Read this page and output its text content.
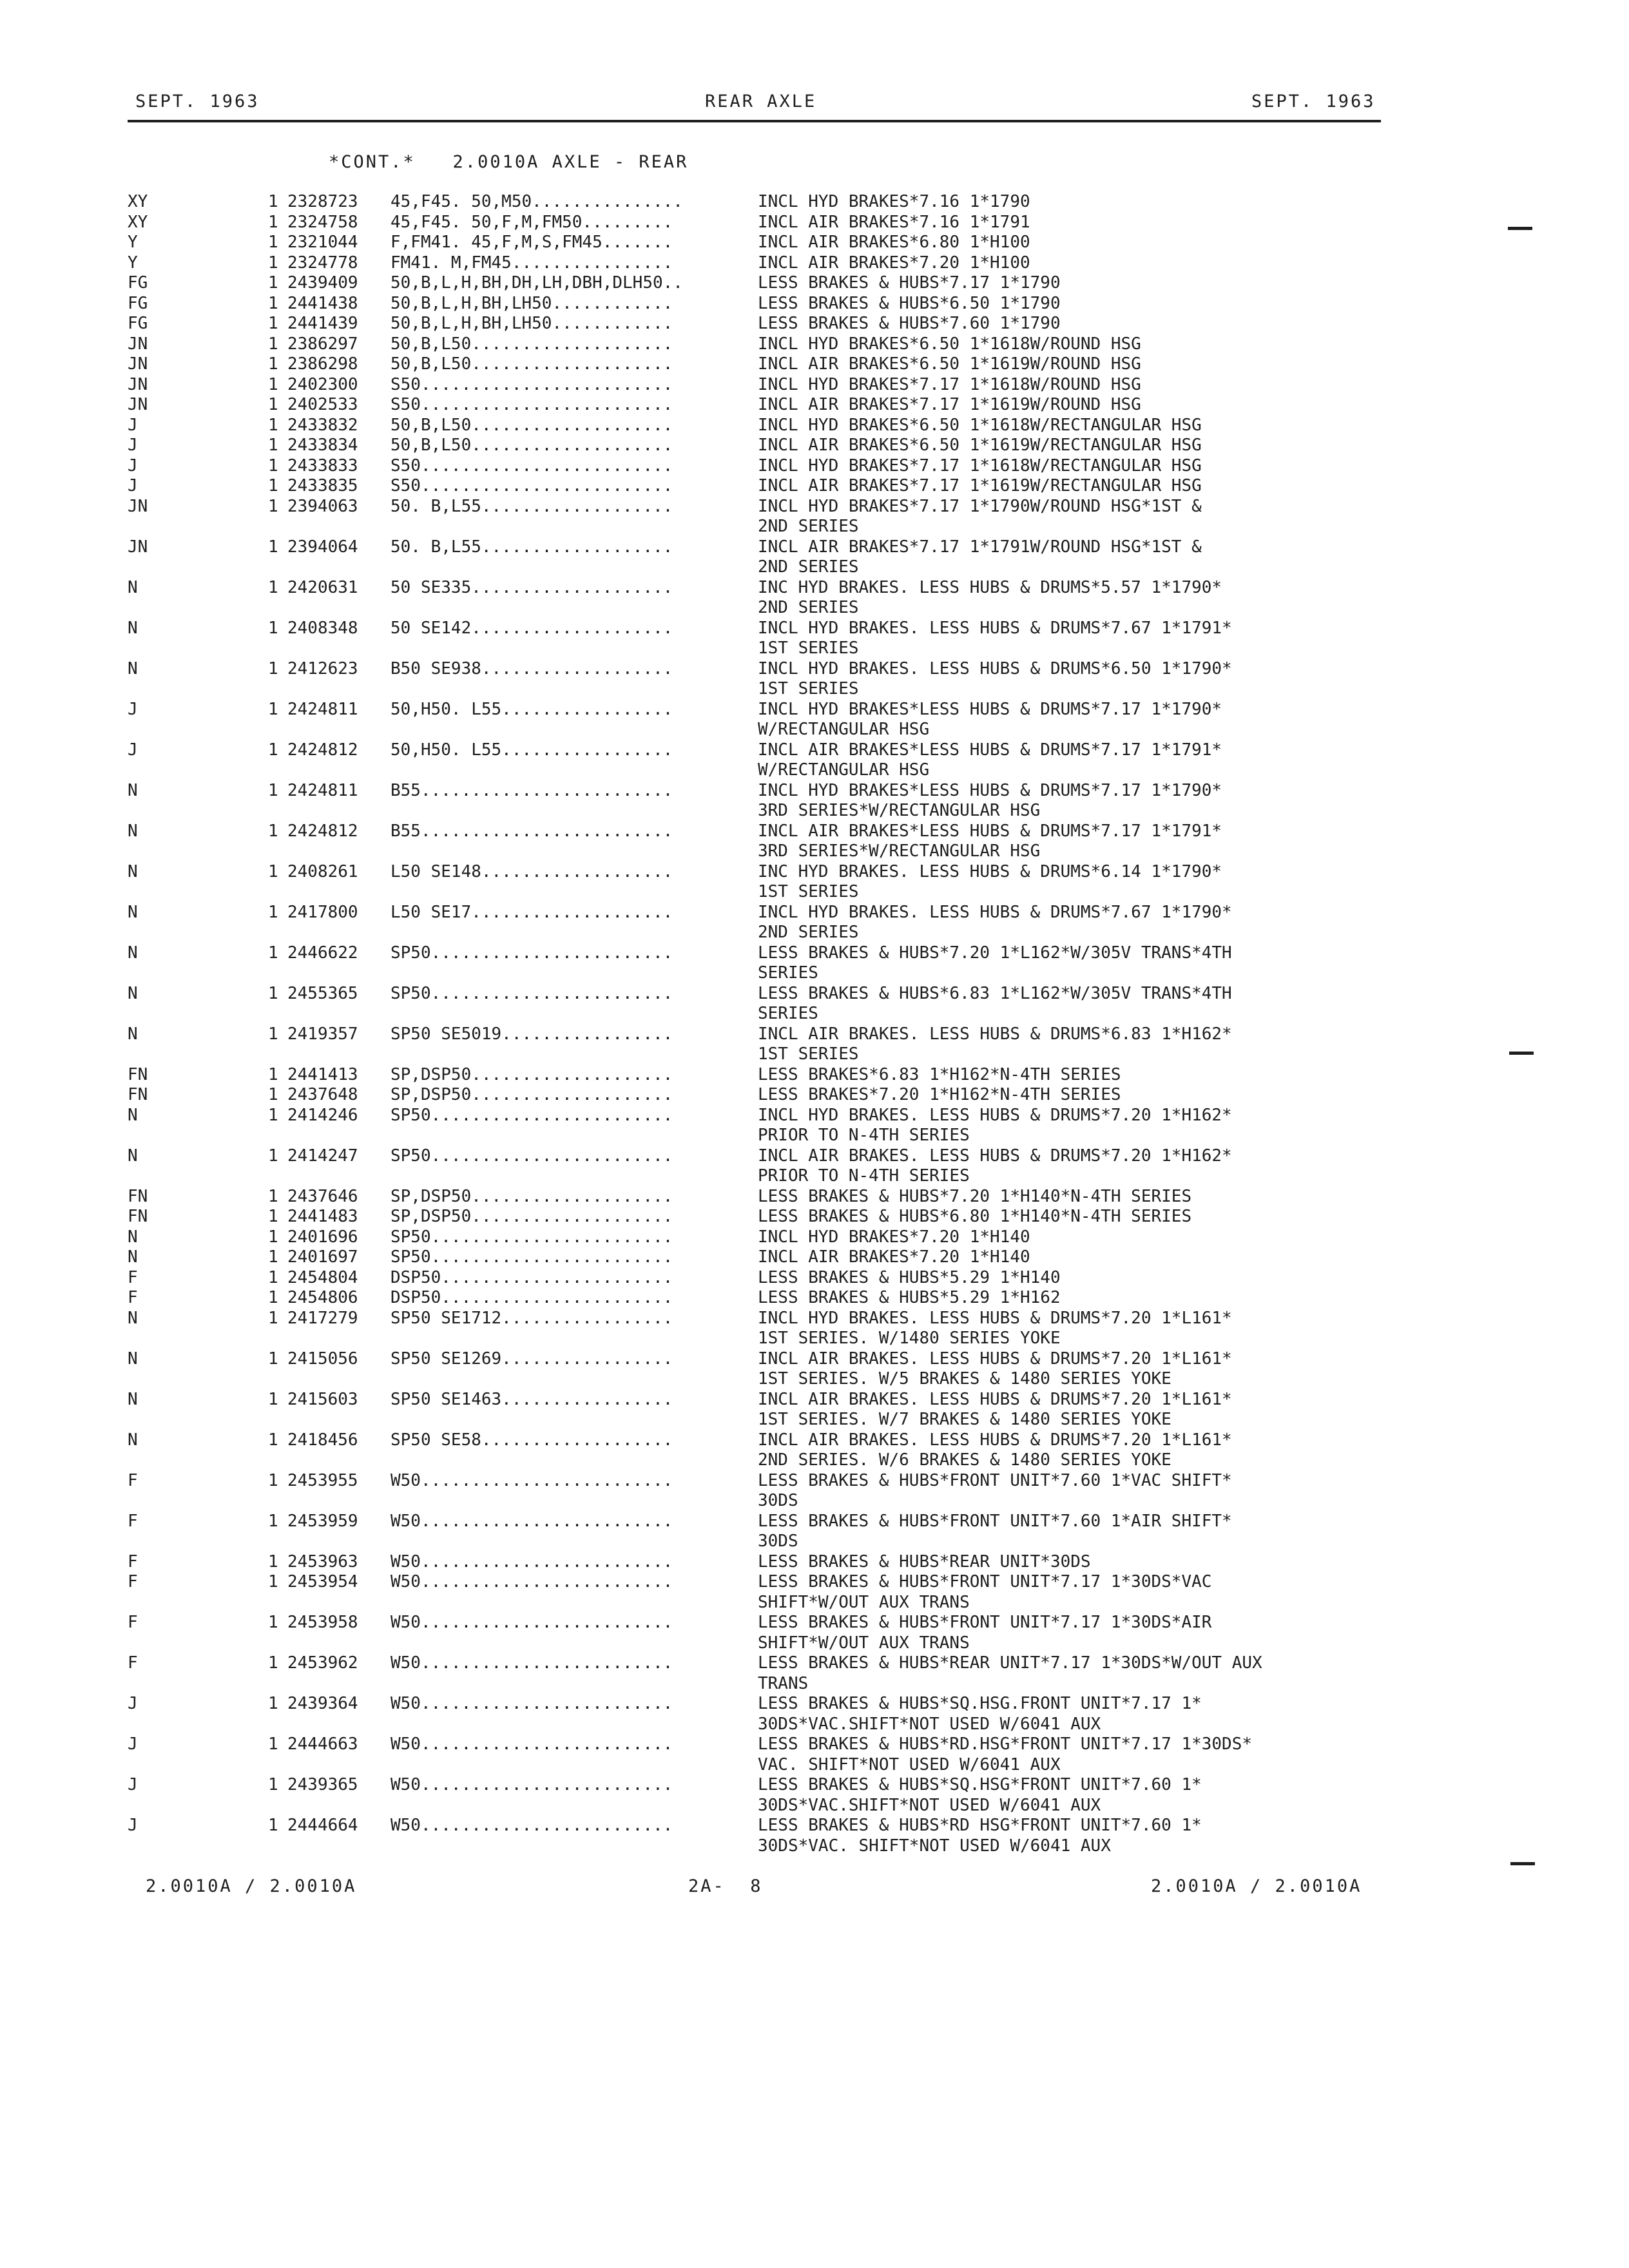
SEPT. 1963	REAR AXLE	SEPT. 1963
*CONT.*   2.0010A AXLE - REAR
XY	1 2328723 45,F45. 50,M50...............	INCL HYD BRAKES*7.16 1*1790
XY	1 2324758 45,F45. 50,F,M,FM50.........	INCL AIR BRAKES*7.16 1*1791
Y	1 2321044 F,FM41. 45,F,M,S,FM45.......	INCL AIR BRAKES*6.80 1*H100
Y	1 2324778 FM41. M,FM45................	INCL AIR BRAKES*7.20 1*H100
FG	1 2439409 50,B,L,H,BH,DH,LH,DBH,DLH50..	LESS BRAKES & HUBS*7.17 1*1790
FG	1 2441438 50,B,L,H,BH,LH50............	LESS BRAKES & HUBS*6.50 1*1790
FG	1 2441439 50,B,L,H,BH,LH50............	LESS BRAKES & HUBS*7.60 1*1790
JN	1 2386297 50,B,L50....................	INCL HYD BRAKES*6.50 1*1618W/ROUND HSG
JN	1 2386298 50,B,L50....................	INCL AIR BRAKES*6.50 1*1619W/ROUND HSG
JN	1 2402300 S50.........................	INCL HYD BRAKES*7.17 1*1618W/ROUND HSG
JN	1 2402533 S50.........................	INCL AIR BRAKES*7.17 1*1619W/ROUND HSG
J	1 2433832 50,B,L50....................	INCL HYD BRAKES*6.50 1*1618W/RECTANGULAR HSG
J	1 2433834 50,B,L50....................	INCL AIR BRAKES*6.50 1*1619W/RECTANGULAR HSG
J	1 2433833 S50.........................	INCL HYD BRAKES*7.17 1*1618W/RECTANGULAR HSG
J	1 2433835 S50.........................	INCL AIR BRAKES*7.17 1*1619W/RECTANGULAR HSG
JN	1 2394063 50. B,L55...................	INCL HYD BRAKES*7.17 1*1790W/ROUND HSG*1ST &
2ND SERIES
JN	1 2394064 50. B,L55...................	INCL AIR BRAKES*7.17 1*1791W/ROUND HSG*1ST &
2ND SERIES
N	1 2420631 50 SE335....................	INC HYD BRAKES. LESS HUBS & DRUMS*5.57 1*1790*
2ND SERIES
N	1 2408348 50 SE142....................	INCL HYD BRAKES. LESS HUBS & DRUMS*7.67 1*1791*
1ST SERIES
N	1 2412623 B50 SE938...................	INCL HYD BRAKES. LESS HUBS & DRUMS*6.50 1*1790*
1ST SERIES
J	1 2424811 50,H50. L55.................	INCL HYD BRAKES*LESS HUBS & DRUMS*7.17 1*1790*
W/RECTANGULAR HSG
J	1 2424812 50,H50. L55.................	INCL AIR BRAKES*LESS HUBS & DRUMS*7.17 1*1791*
W/RECTANGULAR HSG
N	1 2424811 B55.........................	INCL HYD BRAKES*LESS HUBS & DRUMS*7.17 1*1790*
3RD SERIES*W/RECTANGULAR HSG
N	1 2424812 B55.........................	INCL AIR BRAKES*LESS HUBS & DRUMS*7.17 1*1791*
3RD SERIES*W/RECTANGULAR HSG
N	1 2408261 L50 SE148...................	INC HYD BRAKES. LESS HUBS & DRUMS*6.14 1*1790*
1ST SERIES
N	1 2417800 L50 SE17....................	INCL HYD BRAKES. LESS HUBS & DRUMS*7.67 1*1790*
2ND SERIES
N	1 2446622 SP50........................	LESS BRAKES & HUBS*7.20 1*L162*W/305V TRANS*4TH
SERIES
N	1 2455365 SP50........................	LESS BRAKES & HUBS*6.83 1*L162*W/305V TRANS*4TH
SERIES
N	1 2419357 SP50 SE5019.................	INCL AIR BRAKES. LESS HUBS & DRUMS*6.83 1*H162*
1ST SERIES
FN	1 2441413 SP,DSP50....................	LESS BRAKES*6.83 1*H162*N-4TH SERIES
FN	1 2437648 SP,DSP50....................	LESS BRAKES*7.20 1*H162*N-4TH SERIES
N	1 2414246 SP50........................	INCL HYD BRAKES. LESS HUBS & DRUMS*7.20 1*H162*
PRIOR TO N-4TH SERIES
N	1 2414247 SP50........................	INCL AIR BRAKES. LESS HUBS & DRUMS*7.20 1*H162*
PRIOR TO N-4TH SERIES
FN	1 2437646 SP,DSP50....................	LESS BRAKES & HUBS*7.20 1*H140*N-4TH SERIES
FN	1 2441483 SP,DSP50....................	LESS BRAKES & HUBS*6.80 1*H140*N-4TH SERIES
N	1 2401696 SP50........................	INCL HYD BRAKES*7.20 1*H140
N	1 2401697 SP50........................	INCL AIR BRAKES*7.20 1*H140
F	1 2454804 DSP50.......................	LESS BRAKES & HUBS*5.29 1*H140
F	1 2454806 DSP50.......................	LESS BRAKES & HUBS*5.29 1*H162
N	1 2417279 SP50 SE1712.................	INCL HYD BRAKES. LESS HUBS & DRUMS*7.20 1*L161*
1ST SERIES. W/1480 SERIES YOKE
N	1 2415056 SP50 SE1269.................	INCL AIR BRAKES. LESS HUBS & DRUMS*7.20 1*L161*
1ST SERIES. W/5 BRAKES & 1480 SERIES YOKE
N	1 2415603 SP50 SE1463.................	INCL AIR BRAKES. LESS HUBS & DRUMS*7.20 1*L161*
1ST SERIES. W/7 BRAKES & 1480 SERIES YOKE
N	1 2418456 SP50 SE58...................	INCL AIR BRAKES. LESS HUBS & DRUMS*7.20 1*L161*
2ND SERIES. W/6 BRAKES & 1480 SERIES YOKE
F	1 2453955 W50.........................	LESS BRAKES & HUBS*FRONT UNIT*7.60 1*VAC SHIFT*
30DS
F	1 2453959 W50.........................	LESS BRAKES & HUBS*FRONT UNIT*7.60 1*AIR SHIFT*
30DS
F	1 2453963 W50.........................	LESS BRAKES & HUBS*REAR UNIT*30DS
F	1 2453954 W50.........................	LESS BRAKES & HUBS*FRONT UNIT*7.17 1*30DS*VAC
SHIFT*W/OUT AUX TRANS
F	1 2453958 W50.........................	LESS BRAKES & HUBS*FRONT UNIT*7.17 1*30DS*AIR
SHIFT*W/OUT AUX TRANS
F	1 2453962 W50.........................	LESS BRAKES & HUBS*REAR UNIT*7.17 1*30DS*W/OUT AUX
TRANS
J	1 2439364 W50.........................	LESS BRAKES & HUBS*SQ.HSG.FRONT UNIT*7.17 1*
30DS*VAC.SHIFT*NOT USED W/6041 AUX
J	1 2444663 W50.........................	LESS BRAKES & HUBS*RD.HSG*FRONT UNIT*7.17 1*30DS*
VAC. SHIFT*NOT USED W/6041 AUX
J	1 2439365 W50.........................	LESS BRAKES & HUBS*SQ.HSG*FRONT UNIT*7.60 1*
30DS*VAC.SHIFT*NOT USED W/6041 AUX
J	1 2444664 W50.........................	LESS BRAKES & HUBS*RD HSG*FRONT UNIT*7.60 1*
30DS*VAC. SHIFT*NOT USED W/6041 AUX
2.0010A / 2.0010A	2A-  8	2.0010A / 2.0010A
